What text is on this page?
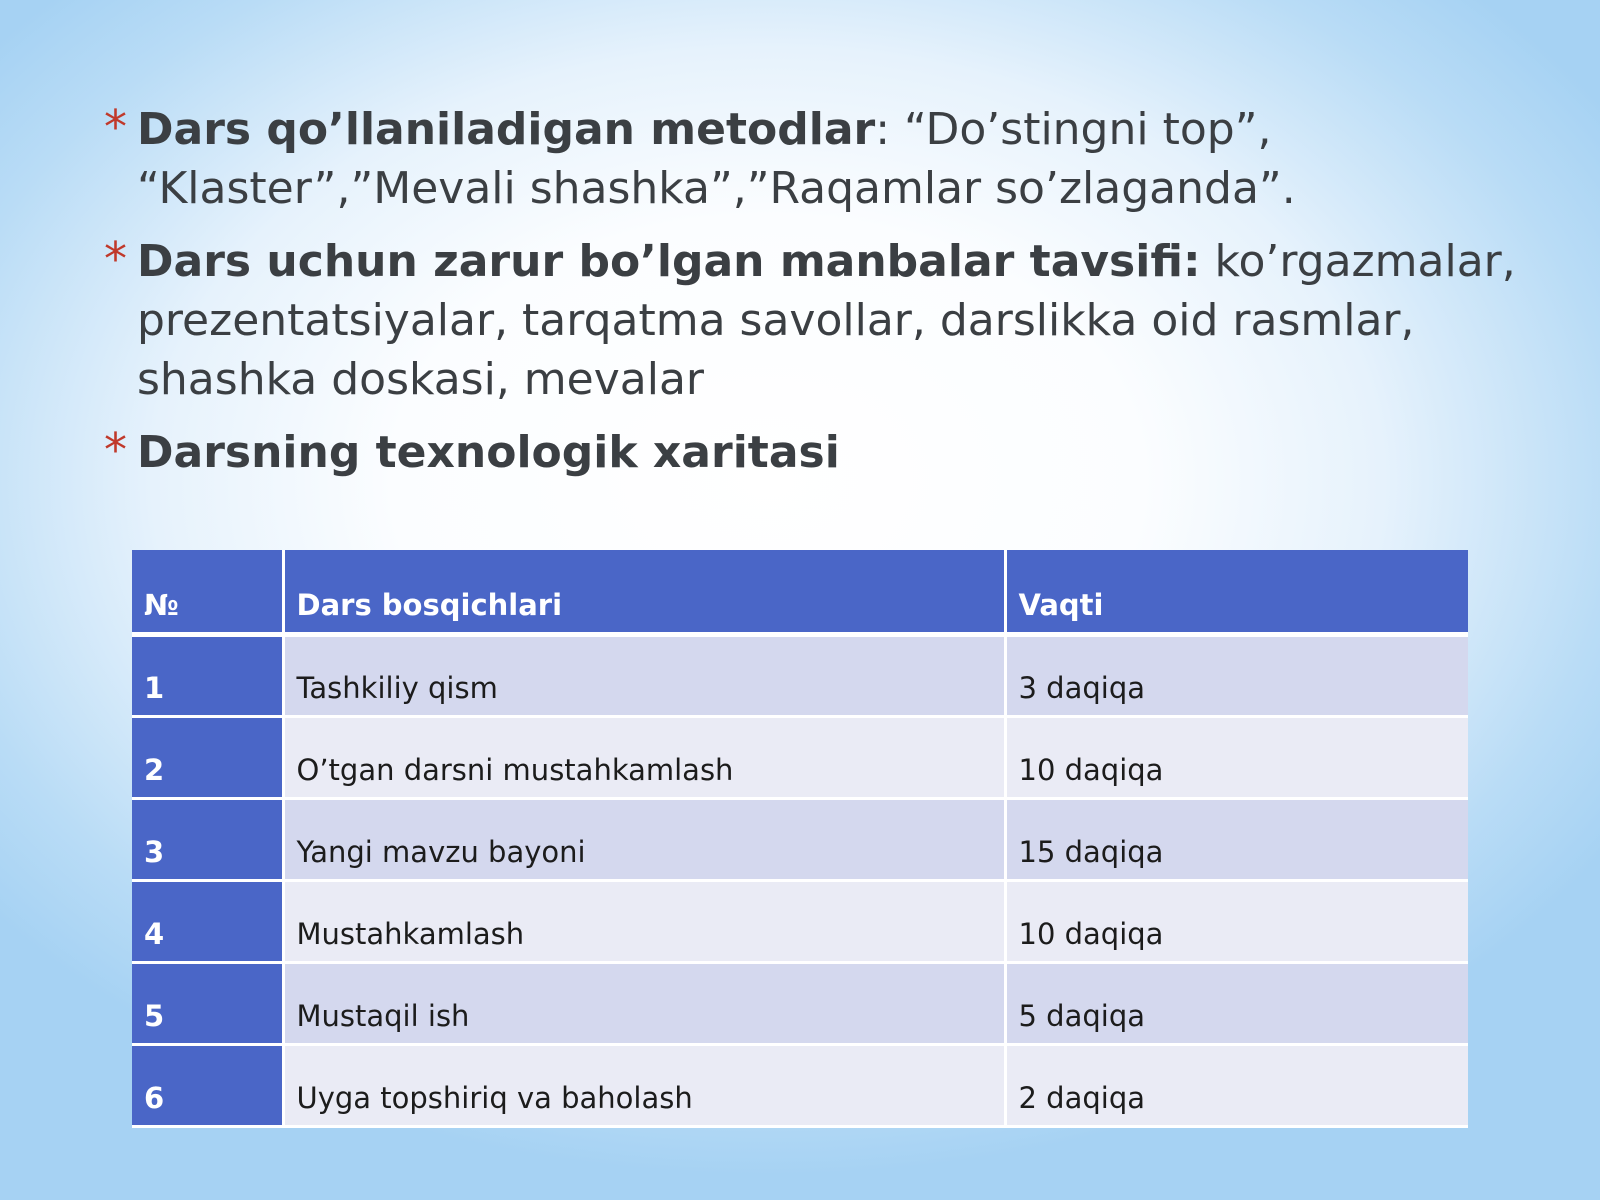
* Dars qo’llaniladigan metodlar: “Do’stingni top”, “Klaster”,”Mevali shashka”,”Raqamlar so’zlaganda”.
* Dars uchun zarur bo’lgan manbalar tavsifi: ko’rgazmalar, prezentatsiyalar, tarqatma savollar, darslikka oid rasmlar, shashka doskasi, mevalar
* Darsning texnologik xaritasi
№	Dars bosqichlari	Vaqti
1	Tashkiliy qism	3 daqiqa
2	O’tgan darsni mustahkamlash	10 daqiqa
3	Yangi mavzu bayoni	15 daqiqa
4	Mustahkamlash	10 daqiqa
5	Mustaqil ish	5 daqiqa
6	Uyga topshiriq va baholash	2 daqiqa
